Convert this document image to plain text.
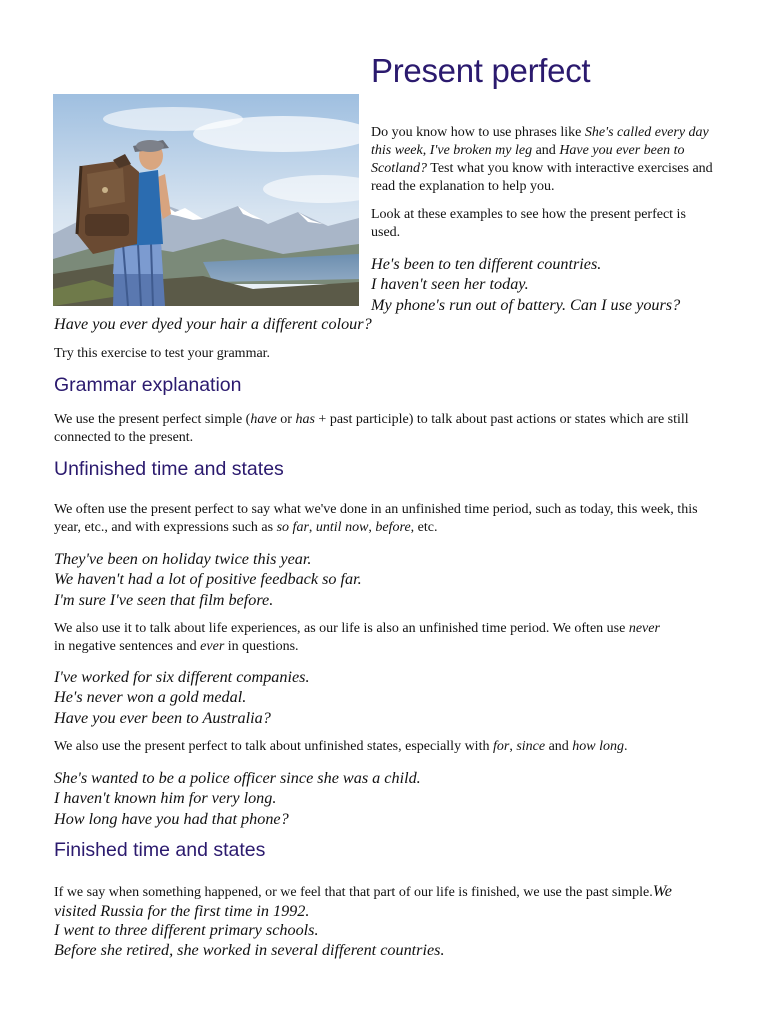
Present perfect

Do you know how to use phrases like She's called every day this week, I've broken my leg and Have you ever been to Scotland? Test what you know with interactive exercises and read the explanation to help you.

Look at these examples to see how the present perfect is used.

He's been to ten different countries.
I haven't seen her today.
My phone's run out of battery. Can I use yours?
Have you ever dyed your hair a different colour?

Try this exercise to test your grammar.

Grammar explanation

We use the present perfect simple (have or has + past participle) to talk about past actions or states which are still connected to the present.

Unfinished time and states

We often use the present perfect to say what we've done in an unfinished time period, such as today, this week, this year, etc., and with expressions such as so far, until now, before, etc.

They've been on holiday twice this year.
We haven't had a lot of positive feedback so far.
I'm sure I've seen that film before.

We also use it to talk about life experiences, as our life is also an unfinished time period. We often use never in negative sentences and ever in questions.

I've worked for six different companies.
He's never won a gold medal.
Have you ever been to Australia?

We also use the present perfect to talk about unfinished states, especially with for, since and how long.

She's wanted to be a police officer since she was a child.
I haven't known him for very long.
How long have you had that phone?
Finished time and states

If we say when something happened, or we feel that that part of our life is finished, we use the past simple.We visited Russia for the first time in 1992.

I went to three different primary schools.
Before she retired, she worked in several different countries.
